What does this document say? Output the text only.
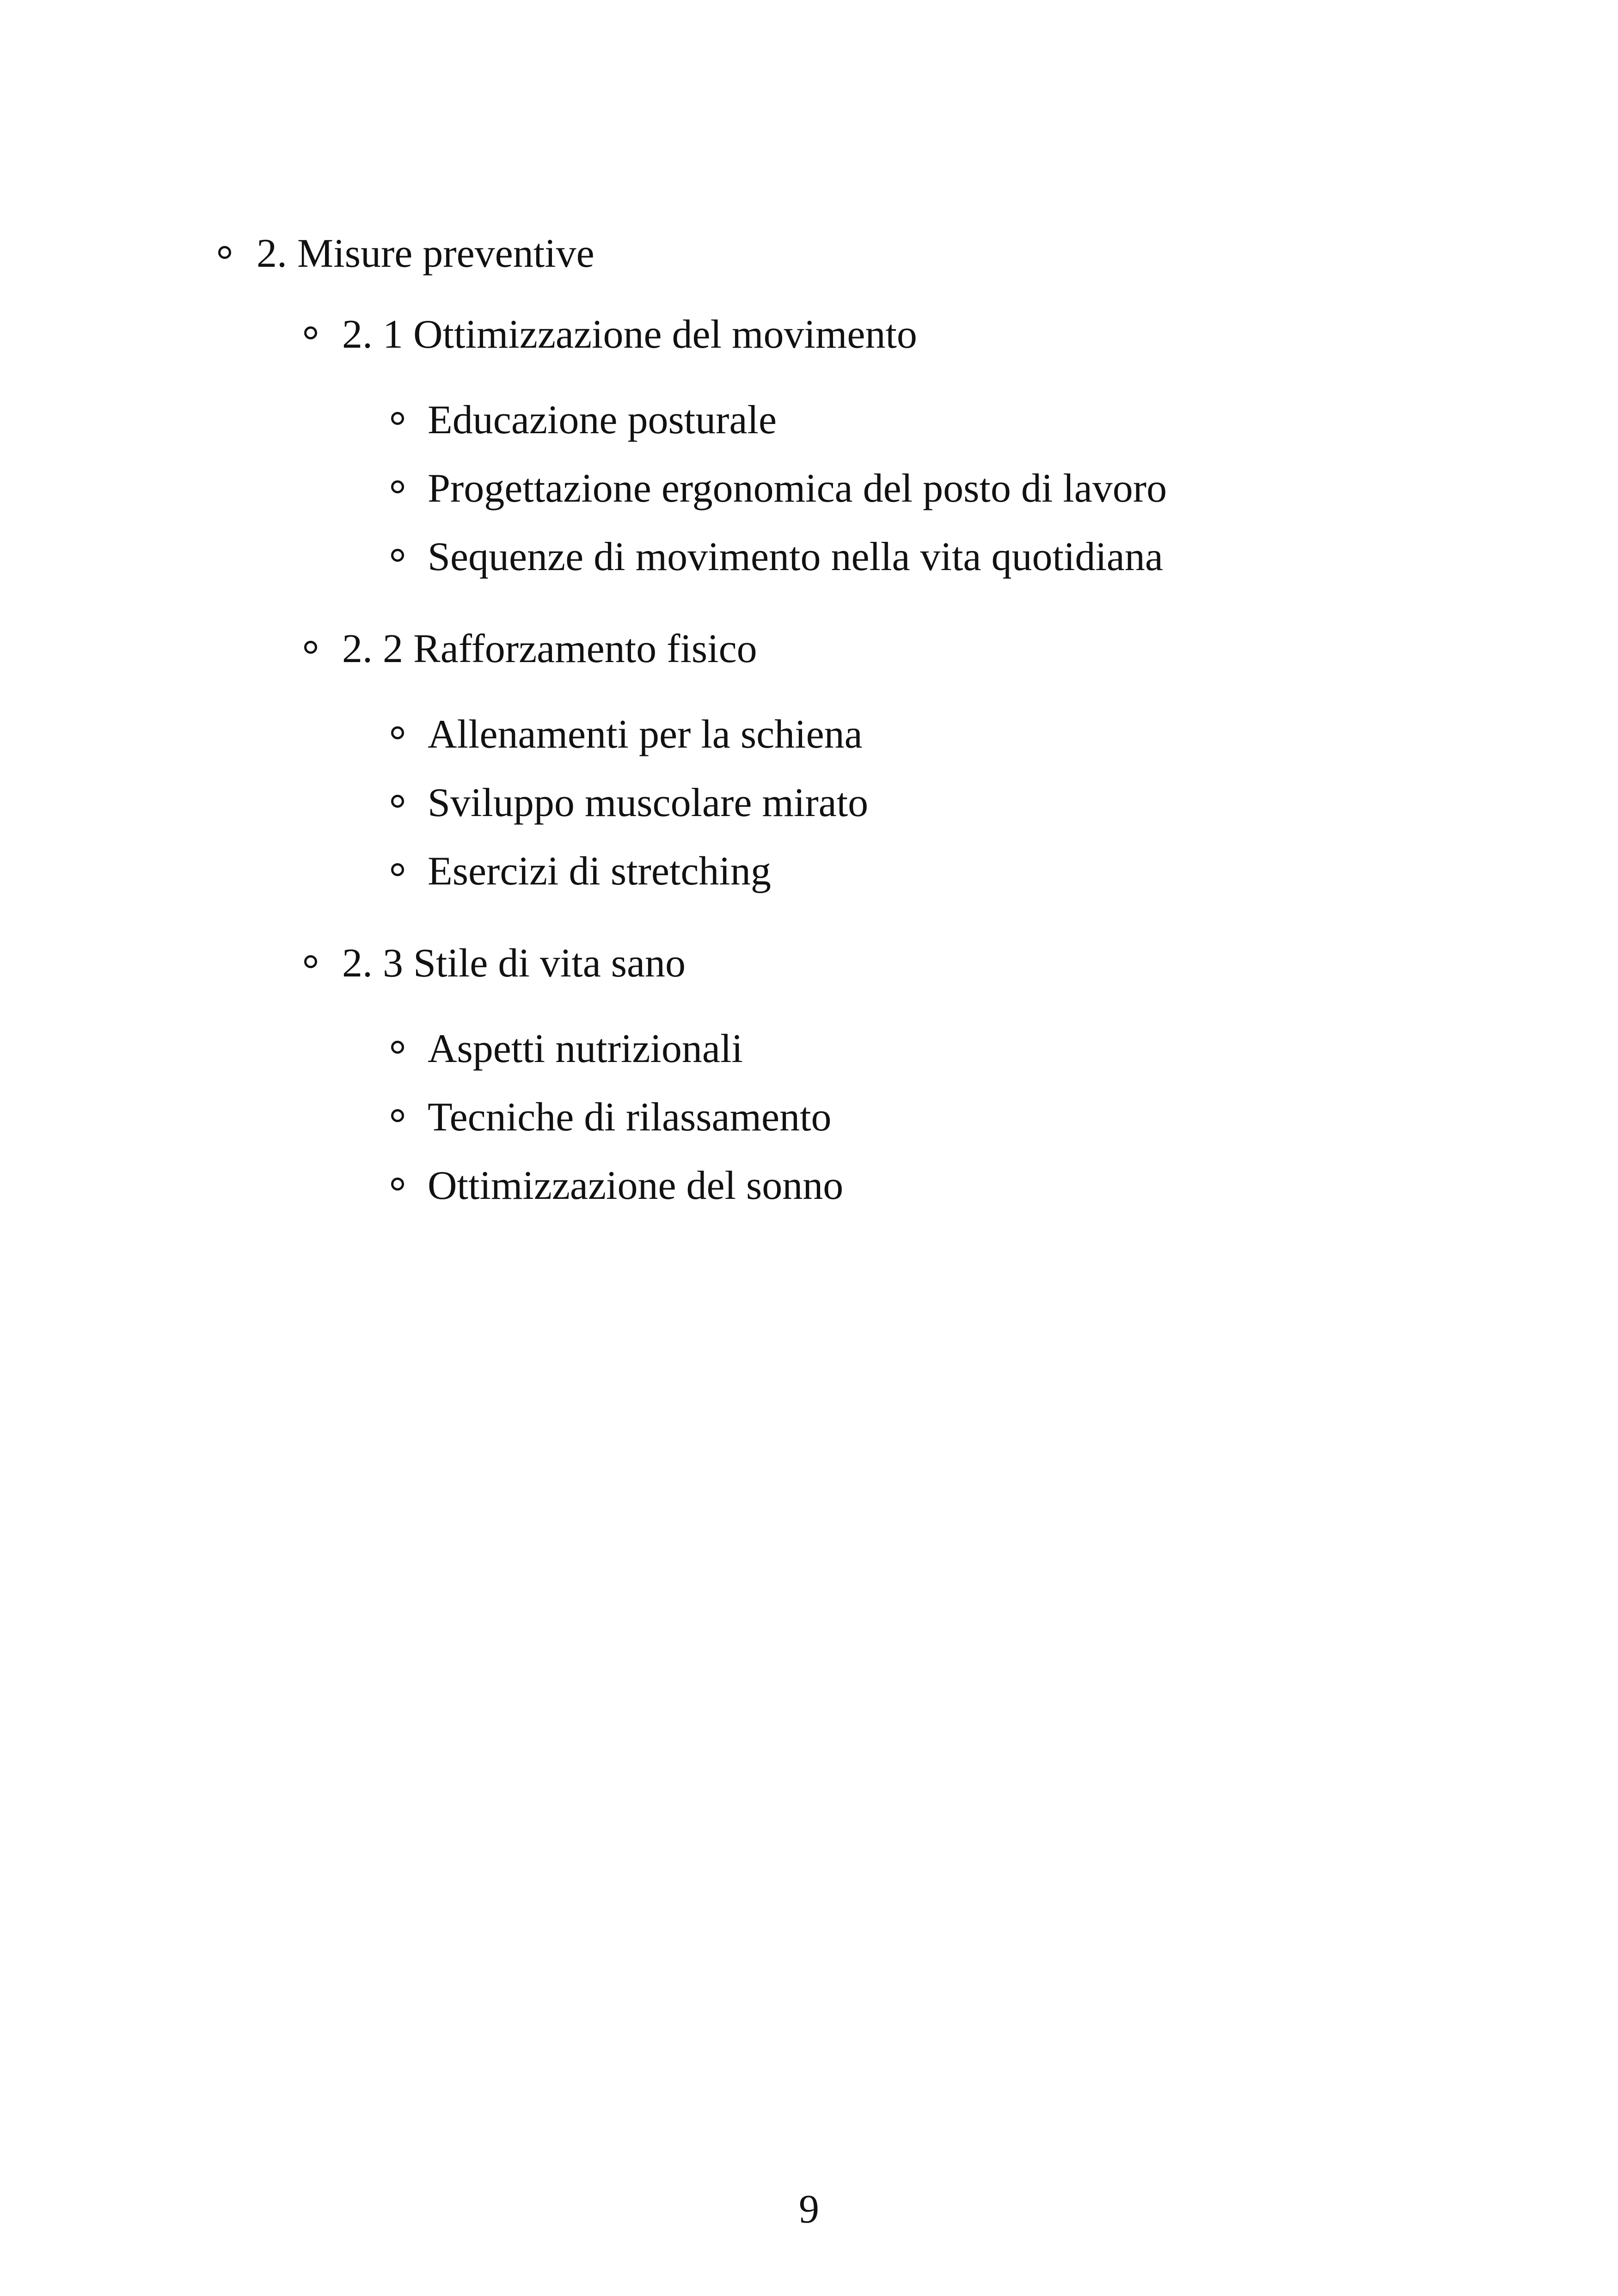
2. Misure preventive
2. 1 Ottimizzazione del movimento
Educazione posturale
Progettazione ergonomica del posto di lavoro
Sequenze di movimento nella vita quotidiana
2. 2 Rafforzamento fisico
Allenamenti per la schiena
Sviluppo muscolare mirato
Esercizi di stretching
2. 3 Stile di vita sano
Aspetti nutrizionali
Tecniche di rilassamento
Ottimizzazione del sonno
9
